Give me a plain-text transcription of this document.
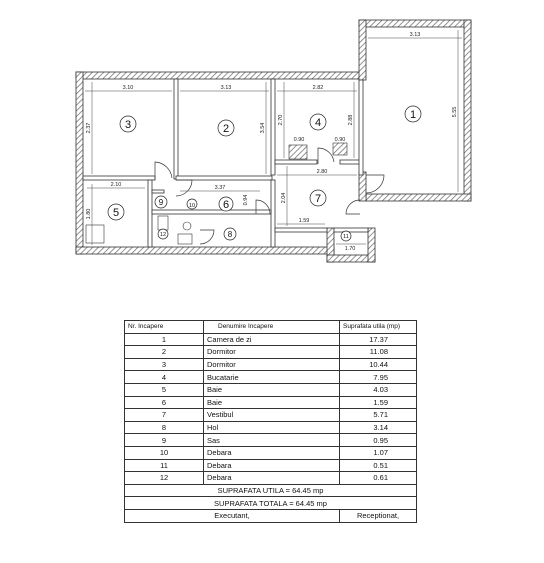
3.10	3.13	2.82
3.13
2.37	3.54
2.70	2.88
5.55
0.90	0.90
2.80
2.10
1.80
3.37
0.94	2.04
1.59
1.70
1
2
3	4
5
6	7
8
9	10
11
12
Nr. Incapere	Denumire Incapere	Suprafata utila (mp)
1	Camera de zi	17.37
2	Dormitor	11.08
3	Dormitor	10.44
4	Bucatarie	7.95
5	Baie	4.03
6	Baie	1.59
7	Vestibul	5.71
8	Hol	3.14
9	Sas	0.95
10	Debara	1.07
11	Debara	0.51
12	Debara	0.61
SUPRAFATA UTILA = 64.45 mp		
SUPRAFATA TOTALA = 64.45 mp		
Executant,		Receptionat,
